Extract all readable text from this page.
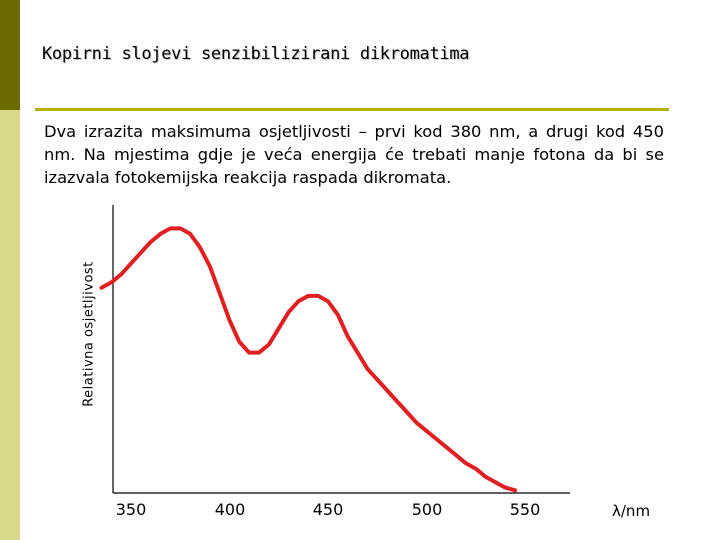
Kopirni slojevi senzibilizirani dikromatima
Dva izrazita maksimuma osjetljivosti – prvi kod 380 nm, a drugi kod 450 nm. Na mjestima gdje je veća energija će trebati manje fotona da bi se izazvala fotokemijska reakcija raspada dikromata.
Relativna osjetljivost
350	400	450	500	550	λ/nm
